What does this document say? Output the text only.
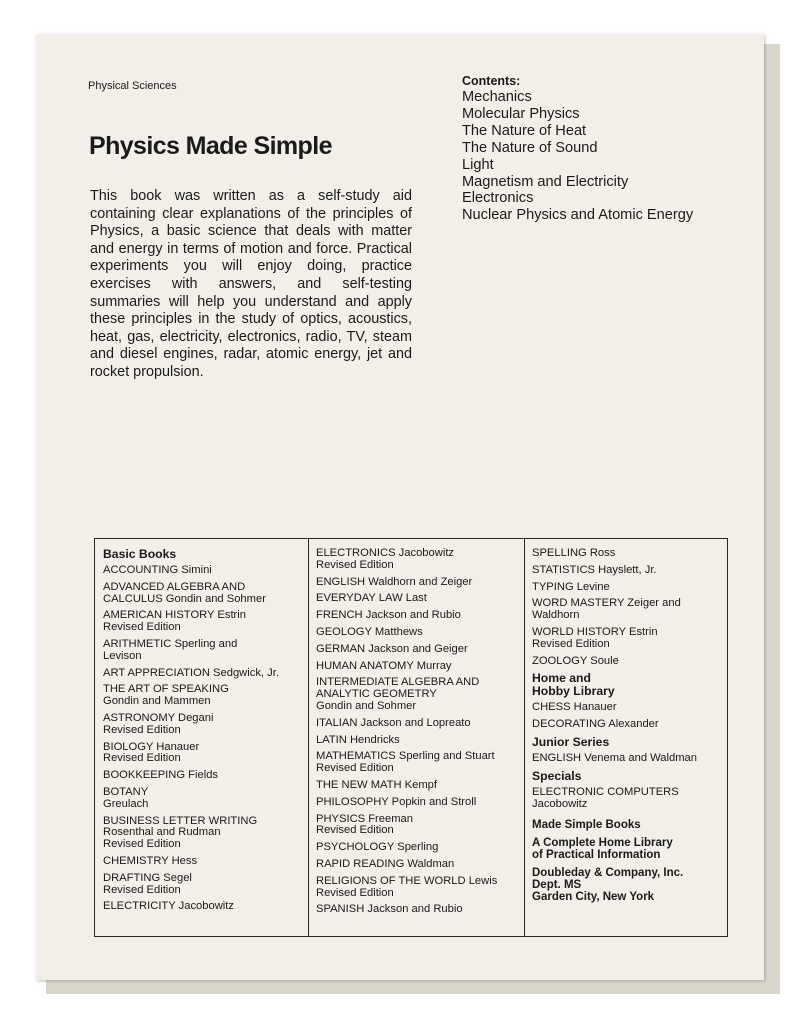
Physical Sciences
Physics Made Simple
This book was written as a self-study aid containing clear explanations of the principles of Physics, a basic science that deals with matter and energy in terms of motion and force. Practical experiments you will enjoy doing, practice exercises with answers, and self-testing summaries will help you understand and apply these principles in the study of optics, acoustics, heat, gas, electricity, electronics, radio, TV, steam and diesel engines, radar, atomic energy, jet and rocket propulsion.
Contents:
Mechanics
Molecular Physics
The Nature of Heat
The Nature of Sound
Light
Magnetism and Electricity
Electronics
Nuclear Physics and Atomic Energy
Basic Books
ACCOUNTING Simini
ADVANCED ALGEBRA AND
CALCULUS Gondin and Sohmer
AMERICAN HISTORY Estrin
Revised Edition
ARITHMETIC Sperling and
Levison
ART APPRECIATION Sedgwick, Jr.
THE ART OF SPEAKING
Gondin and Mammen
ASTRONOMY Degani
Revised Edition
BIOLOGY Hanauer
Revised Edition
BOOKKEEPING Fields
BOTANY
Greulach
BUSINESS LETTER WRITING
Rosenthal and Rudman
Revised Edition
CHEMISTRY Hess
DRAFTING Segel
Revised Edition
ELECTRICITY Jacobowitz
ELECTRONICS Jacobowitz
Revised Edition
ENGLISH Waldhorn and Zeiger
EVERYDAY LAW Last
FRENCH Jackson and Rubio
GEOLOGY Matthews
GERMAN Jackson and Geiger
HUMAN ANATOMY Murray
INTERMEDIATE ALGEBRA AND
ANALYTIC GEOMETRY
Gondin and Sohmer
ITALIAN Jackson and Lopreato
LATIN Hendricks
MATHEMATICS Sperling and Stuart
Revised Edition
THE NEW MATH Kempf
PHILOSOPHY Popkin and Stroll
PHYSICS Freeman
Revised Edition
PSYCHOLOGY Sperling
RAPID READING Waldman
RELIGIONS OF THE WORLD Lewis
Revised Edition
SPANISH Jackson and Rubio
SPELLING Ross
STATISTICS Hayslett, Jr.
TYPING Levine
WORD MASTERY Zeiger and
Waldhorn
WORLD HISTORY Estrin
Revised Edition
ZOOLOGY Soule
Home and
Hobby Library
CHESS Hanauer
DECORATING Alexander
Junior Series
ENGLISH Venema and Waldman
Specials
ELECTRONIC COMPUTERS
Jacobowitz
Made Simple Books
A Complete Home Library
of Practical Information
Doubleday & Company, Inc.
Dept. MS
Garden City, New York
